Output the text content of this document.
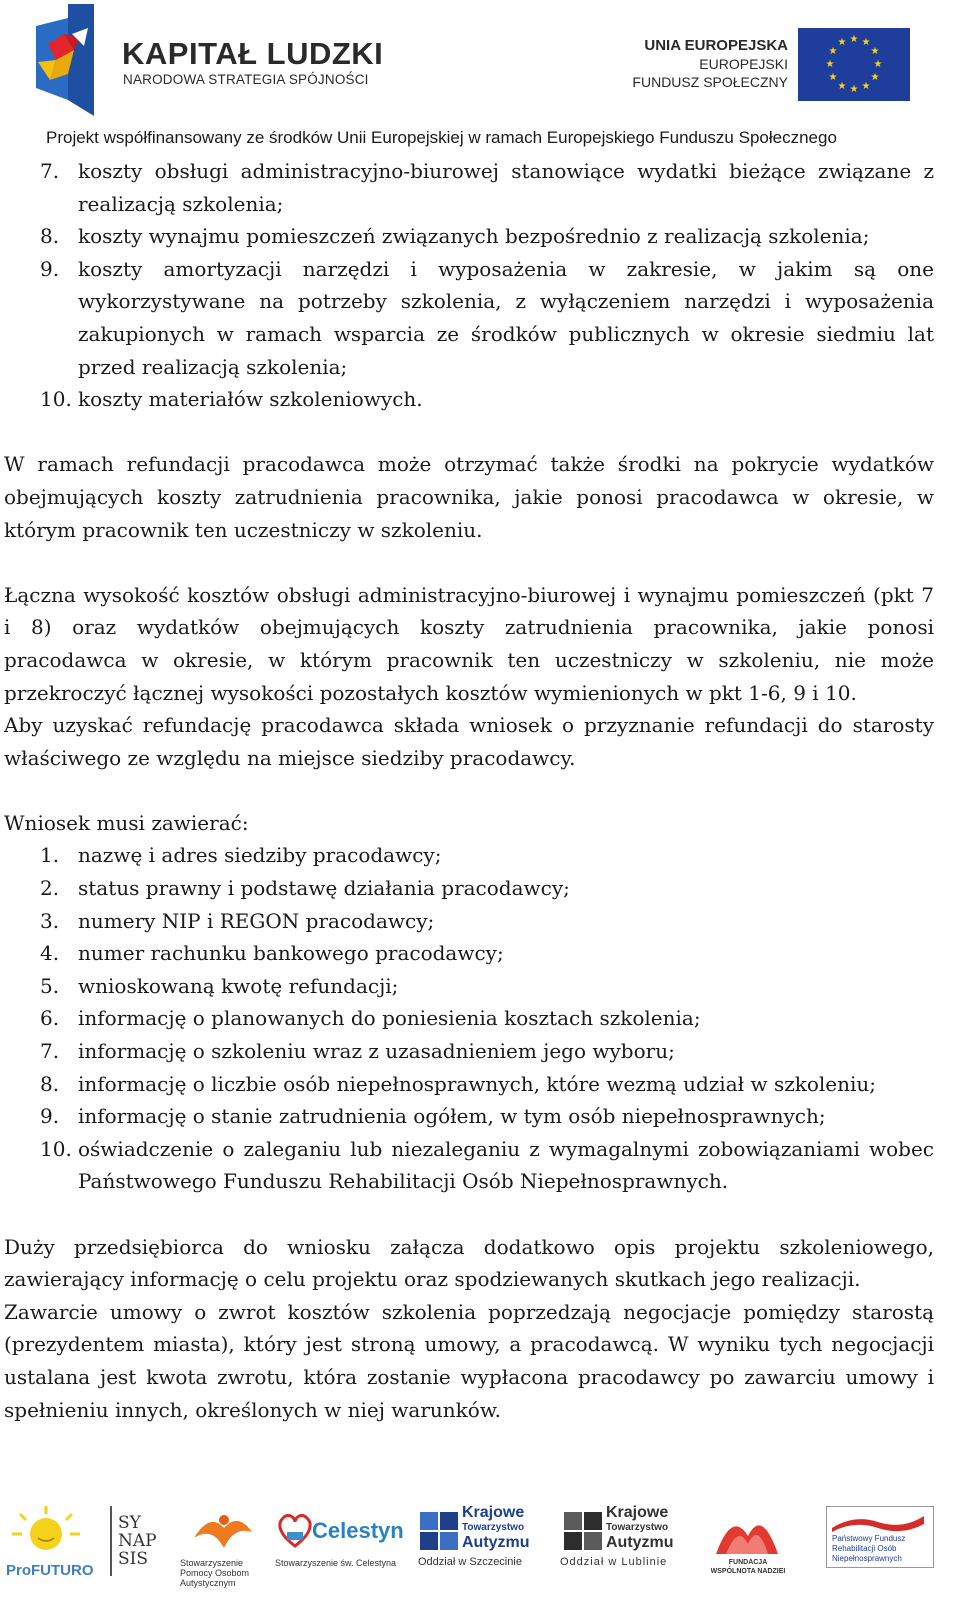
KAPITAŁ LUDZKI
NARODOWA STRATEGIA SPÓJNOŚCI
UNIA EUROPEJSKA
EUROPEJSKI
FUNDUSZ SPOŁECZNY
★ ★
★
★
★
★
★
★
★
★
★
★
Projekt współfinansowany ze środków Unii Europejskiej w ramach Europejskiego Funduszu Społecznego
7. koszty obsługi administracyjno-biurowej stanowiące wydatki bieżące związane z realizacją szkolenia;
8. koszty wynajmu pomieszczeń związanych bezpośrednio z realizacją szkolenia;
9. koszty amortyzacji narzędzi i wyposażenia w zakresie, w jakim są one wykorzystywane na potrzeby szkolenia, z wyłączeniem narzędzi i wyposażenia zakupionych w ramach wsparcia ze środków publicznych w okresie siedmiu lat przed realizacją szkolenia;
10. koszty materiałów szkoleniowych.

W ramach refundacji pracodawca może otrzymać także środki na pokrycie wydatków obejmujących koszty zatrudnienia pracownika, jakie ponosi pracodawca w okresie, w którym pracownik ten uczestniczy w szkoleniu.

Łączna wysokość kosztów obsługi administracyjno-biurowej i wynajmu pomieszczeń (pkt 7 i 8) oraz wydatków obejmujących koszty zatrudnienia pracownika, jakie ponosi pracodawca w okresie, w którym pracownik ten uczestniczy w szkoleniu, nie może przekroczyć łącznej wysokości pozostałych kosztów wymienionych w pkt 1-6, 9 i 10.

Aby uzyskać refundację pracodawca składa wniosek o przyznanie refundacji do starosty właściwego ze względu na miejsce siedziby pracodawcy.

Wniosek musi zawierać:

1. nazwę i adres siedziby pracodawcy;
2. status prawny i podstawę działania pracodawcy;
3. numery NIP i REGON pracodawcy;
4. numer rachunku bankowego pracodawcy;
5. wnioskowaną kwotę refundacji;
6. informację o planowanych do poniesienia kosztach szkolenia;
7. informację o szkoleniu wraz z uzasadnieniem jego wyboru;
8. informację o liczbie osób niepełnosprawnych, które wezmą udział w szkoleniu;
9. informację o stanie zatrudnienia ogółem, w tym osób niepełnosprawnych;
10. oświadczenie o zaleganiu lub niezaleganiu z wymagalnymi zobowiązaniami wobec Państwowego Funduszu Rehabilitacji Osób Niepełnosprawnych.

Duży przedsiębiorca do wniosku załącza dodatkowo opis projektu szkoleniowego, zawierający informację o celu projektu oraz spodziewanych skutkach jego realizacji.

Zawarcie umowy o zwrot kosztów szkolenia poprzedzają negocjacje pomiędzy starostą (prezydentem miasta), który jest stroną umowy, a pracodawcą. W wyniku tych negocjacji ustalana jest kwota zwrotu, która zostanie wypłacona pracodawcy po zawarciu umowy i spełnieniu innych, określonych w niej warunków.

ProFUTURO
SY NAP SIS	Stowarzyszenie Pomocy Osobom Autystycznym
Celestyn
Stowarzyszenie św. Celestyna
Krajowe
Towarzystwo
Autyzmu
Oddział w Szczecinie
Krajowe
Towarzystwo
Autyzmu
Oddział w Lublinie	FUNDACJA WSPÓLNOTA NADZIEI
Państwowy Fundusz
Rehabilitacji Osób
Niepełnosprawnych
